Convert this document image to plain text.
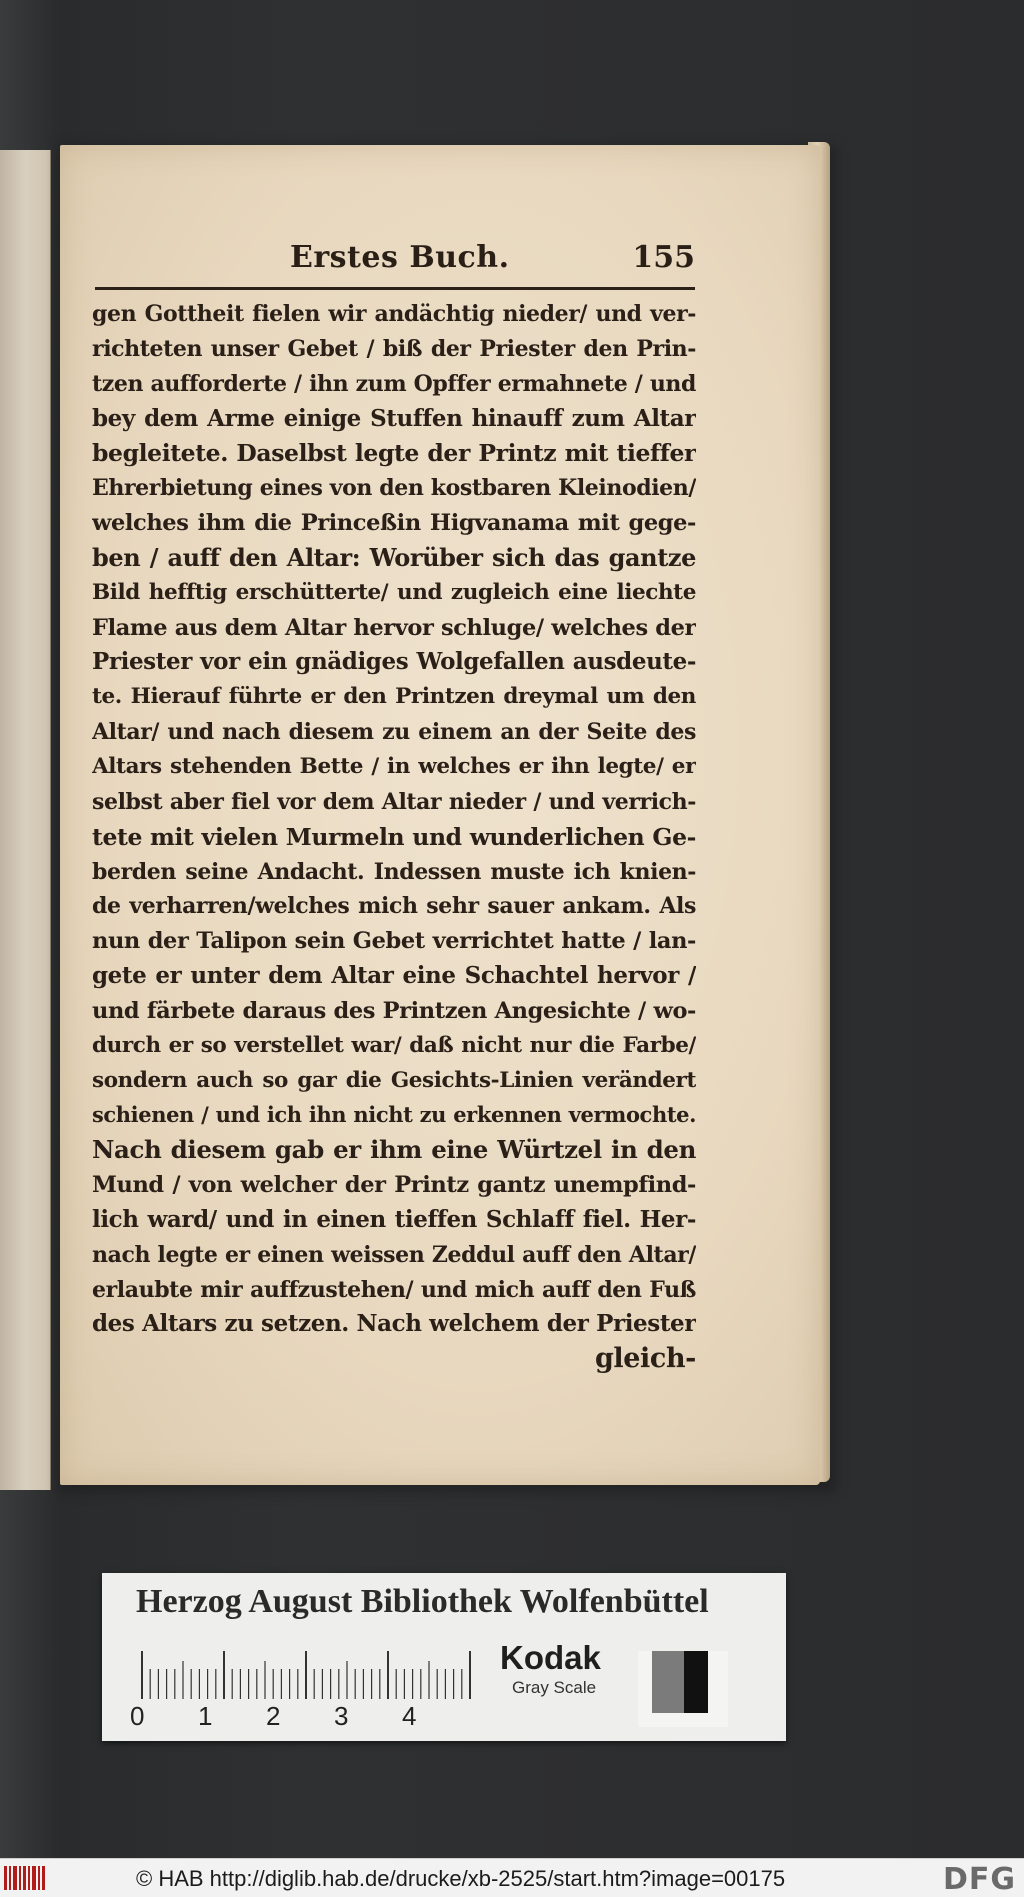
Erstes Buch.	155
gen Gottheit fielen wir andächtig nieder/ und ver-
richteten unser Gebet / biß der Priester den Prin-
tzen aufforderte / ihn zum Opffer ermahnete / und
bey dem Arme einige Stuffen hinauff zum Altar
begleitete. Daselbst legte der Printz mit tieffer
Ehrerbietung eines von den kostbaren Kleinodien/
welches ihm die Princeßin Higvanama mit gege-
ben / auff den Altar: Worüber sich das gantze
Bild hefftig erschütterte/ und zugleich eine liechte
Flame aus dem Altar hervor schluge/ welches der
Priester vor ein gnädiges Wolgefallen ausdeute-
te. Hierauf führte er den Printzen dreymal um den
Altar/ und nach diesem zu einem an der Seite des
Altars stehenden Bette / in welches er ihn legte/ er
selbst aber fiel vor dem Altar nieder / und verrich-
tete mit vielen Murmeln und wunderlichen Ge-
berden seine Andacht. Indessen muste ich knien-
de verharren/welches mich sehr sauer ankam. Als
nun der Talipon sein Gebet verrichtet hatte / lan-
gete er unter dem Altar eine Schachtel hervor /
und färbete daraus des Printzen Angesichte / wo-
durch er so verstellet war/ daß nicht nur die Farbe/
sondern auch so gar die Gesichts-Linien verändert
schienen / und ich ihn nicht zu erkennen vermochte.
Nach diesem gab er ihm eine Würtzel in den
Mund / von welcher der Printz gantz unempfind-
lich ward/ und in einen tieffen Schlaff fiel. Her-
nach legte er einen weissen Zeddul auff den Altar/
erlaubte mir auffzustehen/ und mich auff den Fuß
des Altars zu setzen. Nach welchem der Priester
gleich-
Herzog August Bibliothek Wolfenbüttel
0 1 2 3 4
Kodak
Gray Scale
© HAB http://diglib.hab.de/drucke/xb-2525/start.htm?image=00175	DFG
